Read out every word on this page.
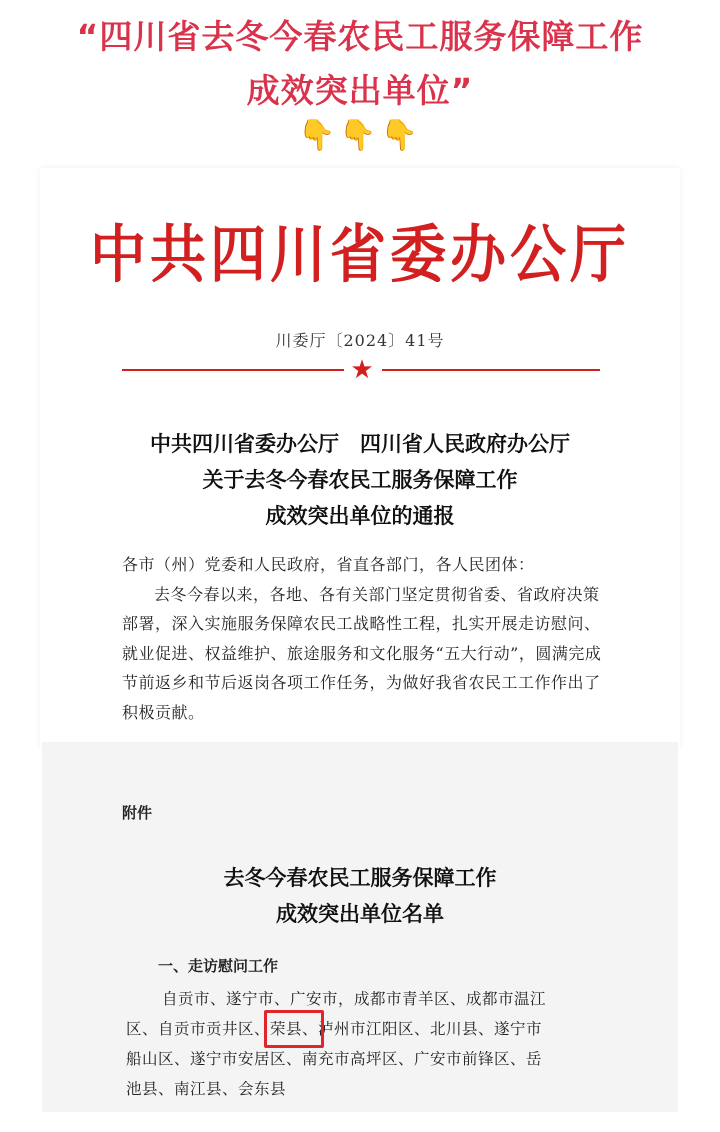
“四川省去冬今春农民工服务保障工作
成效突出单位”
👇👇👇
中共四川省委办公厅
川委厅〔2024〕41号
★
中共四川省委办公厅　四川省人民政府办公厅
关于去冬今春农民工服务保障工作
成效突出单位的通报

各市（州）党委和人民政府，省直各部门，各人民团体：

去冬今春以来，各地、各有关部门坚定贯彻省委、省政府决策部署，深入实施服务保障农民工战略性工程，扎实开展走访慰问、就业促进、权益维护、旅途服务和文化服务“五大行动”，圆满完成节前返乡和节后返岗各项工作任务，为做好我省农民工工作作出了积极贡献。

附件
去冬今春农民工服务保障工作
成效突出单位名单
一、走访慰问工作
自贡市、遂宁市、广安市，成都市青羊区、成都市温江
区、自贡市贡井区、荣县、泸州市江阳区、北川县、遂宁市
船山区、遂宁市安居区、南充市高坪区、广安市前锋区、岳
池县、南江县、会东县
